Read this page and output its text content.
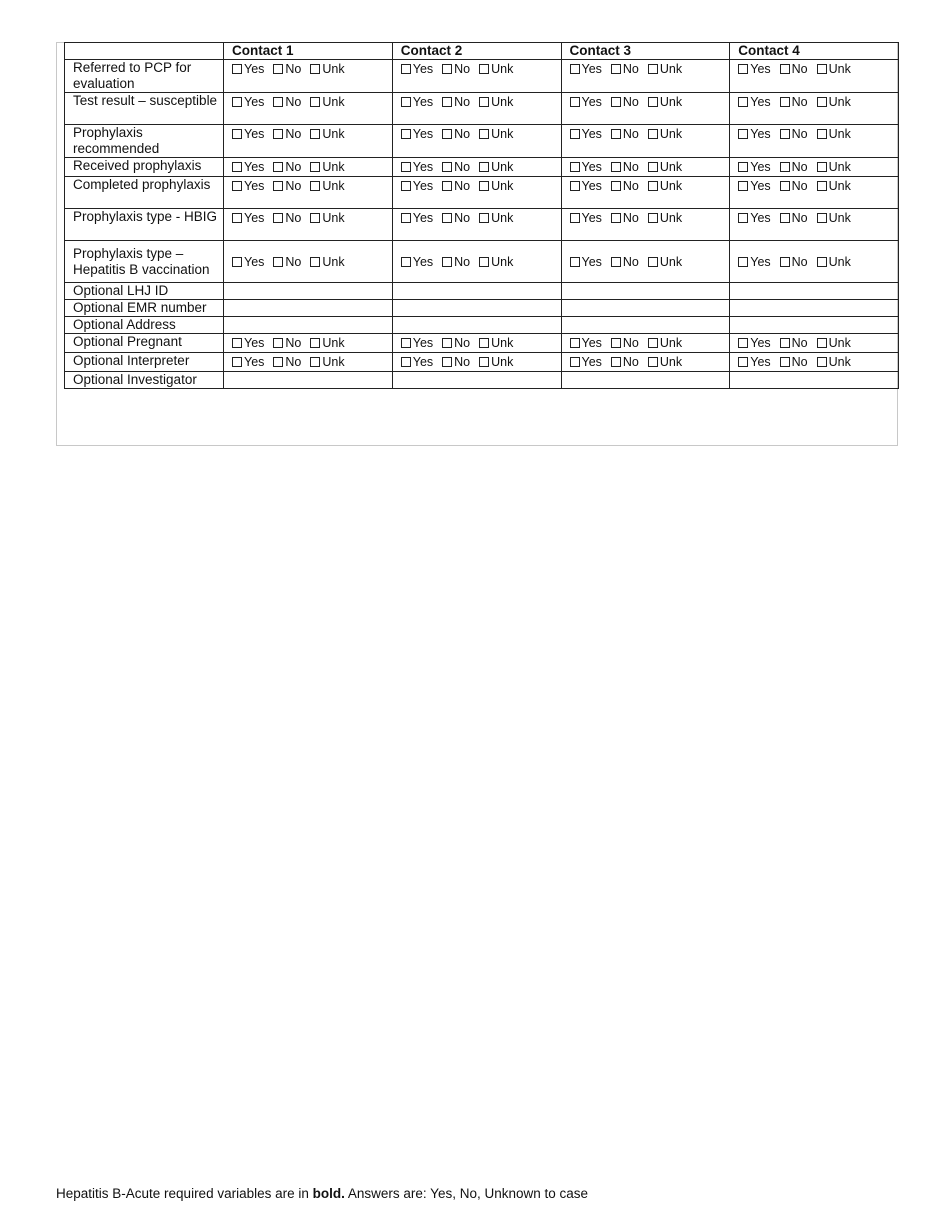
	Contact 1	Contact 2	Contact 3	Contact 4
Referred to PCP for evaluation	Yes No Unk	Yes No Unk	Yes No Unk	Yes No Unk

Test result – susceptible	Yes No Unk	Yes No Unk	Yes No Unk	Yes No Unk

Prophylaxis recommended	Yes No Unk	Yes No Unk	Yes No Unk	Yes No Unk

Received prophylaxis	Yes No Unk	Yes No Unk	Yes No Unk	Yes No Unk

Completed prophylaxis	Yes No Unk	Yes No Unk	Yes No Unk	Yes No Unk

Prophylaxis type - HBIG	Yes No Unk	Yes No Unk	Yes No Unk	Yes No Unk

Prophylaxis type – Hepatitis B vaccination	Yes No Unk	Yes No Unk	Yes No Unk	Yes No Unk

Optional LHJ ID				
Optional EMR number				
Optional Address				
Optional Pregnant	Yes No Unk	Yes No Unk	Yes No Unk	Yes No Unk

Optional Interpreter	Yes No Unk	Yes No Unk	Yes No Unk	Yes No Unk

Optional Investigator				
Hepatitis B-Acute required variables are in bold. Answers are: Yes, No, Unknown to case
